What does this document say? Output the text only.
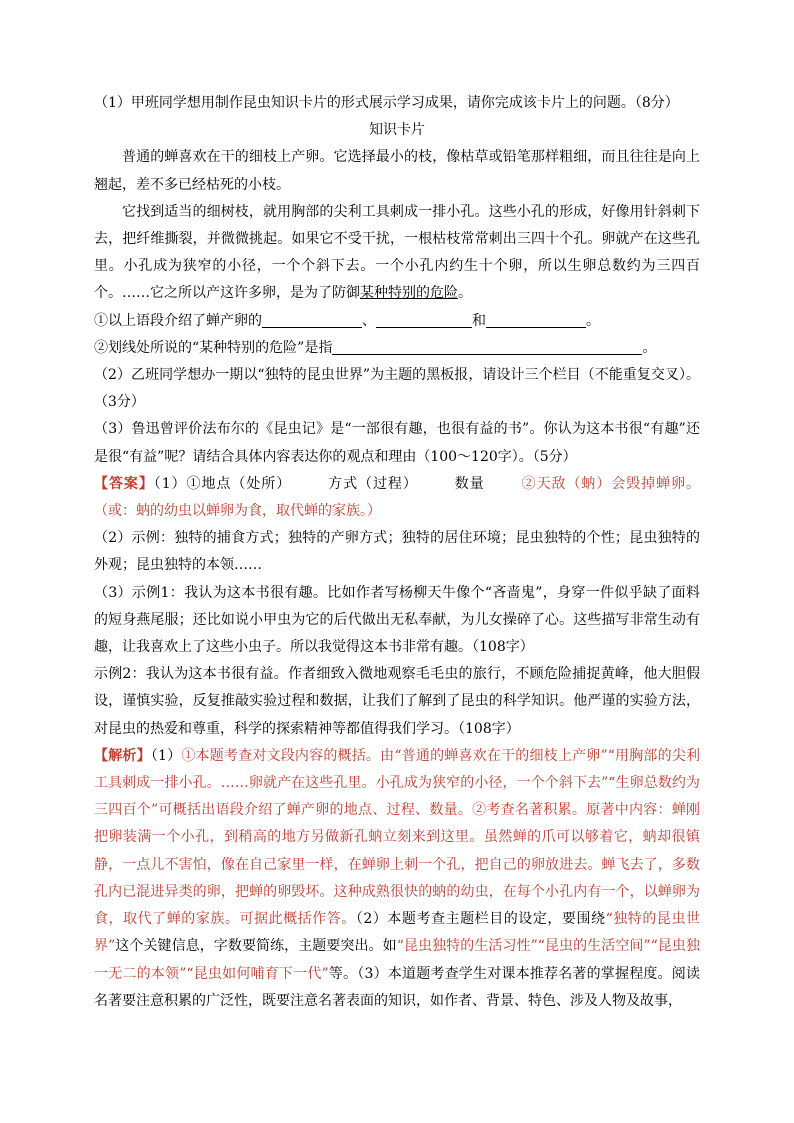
（1）甲班同学想用制作昆虫知识卡片的形式展示学习成果，请你完成该卡片上的问题。（8分）

知识卡片

普通的蝉喜欢在干的细枝上产卵。它选择最小的枝，像枯草或铅笔那样粗细，而且往往是向上翘起，差不多已经枯死的小枝。

它找到适当的细树枝，就用胸部的尖利工具刺成一排小孔。这些小孔的形成，好像用针斜刺下去，把纤维撕裂，并微微挑起。如果它不受干扰，一根枯枝常常刺出三四十个孔。卵就产在这些孔里。小孔成为狭窄的小径，一个个斜下去。一个小孔内约生十个卵，所以生卵总数约为三四百个。……它之所以产这许多卵，是为了防御某种特别的危险。

①以上语段介绍了蝉产卵的	、	和	。

②划线处所说的“某种特别的危险”是指	。

（2）乙班同学想办一期以“独特的昆虫世界”为主题的黑板报，请设计三个栏目（不能重复交叉）。（3分）

（3）鲁迅曾评价法布尔的《昆虫记》是“一部很有趣，也很有益的书”。你认为这本书很“有趣”还是很“有益”呢？请结合具体内容表达你的观点和理由（100～120字）。（5分）

【答案】（1）①地点（处所）	方式（过程）	数量	②天敌（蚋）会毁掉蝉卵。（或：蚋的幼虫以蝉卵为食，取代蝉的家族。）

（2）示例：独特的捕食方式；独特的产卵方式；独特的居住环境；昆虫独特的个性；昆虫独特的外观；昆虫独特的本领……

（3）示例1：我认为这本书很有趣。比如作者写杨柳天牛像个“吝啬鬼”，身穿一件似乎缺了面料的短身燕尾服；还比如说小甲虫为它的后代做出无私奉献，为儿女操碎了心。这些描写非常生动有趣，让我喜欢上了这些小虫子。所以我觉得这本书非常有趣。（108字）

示例2：我认为这本书很有益。作者细致入微地观察毛毛虫的旅行，不顾危险捕捉黄峰，他大胆假设，谨慎实验，反复推敲实验过程和数据，让我们了解到了昆虫的科学知识。他严谨的实验方法，对昆虫的热爱和尊重，科学的探索精神等都值得我们学习。（108字）

【解析】（1）①本题考查对文段内容的概括。由“普通的蝉喜欢在干的细枝上产卵”“用胸部的尖利工具刺成一排小孔。……卵就产在这些孔里。小孔成为狭窄的小径，一个个斜下去”“生卵总数约为三四百个”可概括出语段介绍了蝉产卵的地点、过程、数量。②考查名著积累。原著中内容：蝉刚把卵装满一个小孔，到稍高的地方另做新孔蚋立刻来到这里。虽然蝉的爪可以够着它，蚋却很镇静，一点儿不害怕，像在自己家里一样，在蝉卵上刺一个孔，把自己的卵放进去。蝉飞去了，多数孔内已混进异类的卵，把蝉的卵毁坏。这种成熟很快的蚋的幼虫，在每个小孔内有一个，以蝉卵为食，取代了蝉的家族。可据此概括作答。（2）本题考查主题栏目的设定，要围绕“独特的昆虫世界”这个关键信息，字数要简练，主题要突出。如“昆虫独特的生活习性”“昆虫的生活空间”“昆虫独一无二的本领”“昆虫如何哺育下一代”等。（3）本道题考查学生对课本推荐名著的掌握程度。阅读名著要注意积累的广泛性，既要注意名著表面的知识，如作者、背景、特色、涉及人物及故事，
